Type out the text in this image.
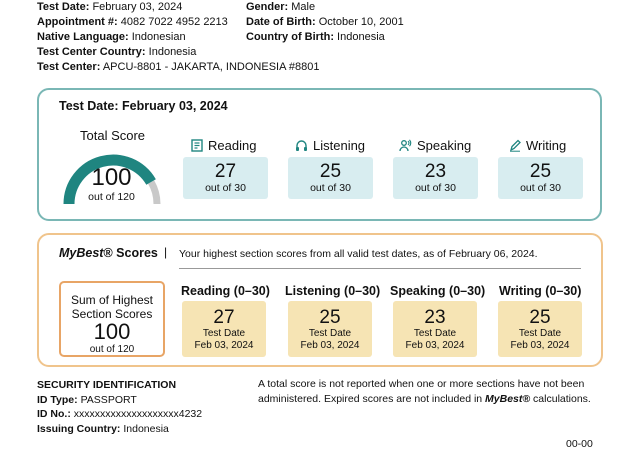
Test Date: February 03, 2024
Appointment #: 4082 7022 4952 2213
Native Language: Indonesian
Test Center Country: Indonesia
Test Center: APCU-8801 - JAKARTA, INDONESIA #8801
Gender: Male
Date of Birth: October 10, 2001
Country of Birth: Indonesia
Test Date: February 03, 2024
Total Score
100
out of 120
Reading
27
out of 30
Listening
25
out of 30
Speaking
23
out of 30
Writing
25
out of 30
MyBest® Scores | Your highest section scores from all valid test dates, as of February 06, 2024.
Sum of Highest Section Scores
100
out of 120
Reading (0–30)
27
Test Date
Feb 03, 2024
Listening (0–30)
25
Test Date
Feb 03, 2024
Speaking (0–30)
23
Test Date
Feb 03, 2024
Writing (0–30)
25
Test Date
Feb 03, 2024
SECURITY IDENTIFICATION
ID Type: PASSPORT
ID No.: xxxxxxxxxxxxxxxxxxxx4232
Issuing Country: Indonesia
A total score is not reported when one or more sections have not been administered. Expired scores are not included in MyBest® calculations.
00-00
